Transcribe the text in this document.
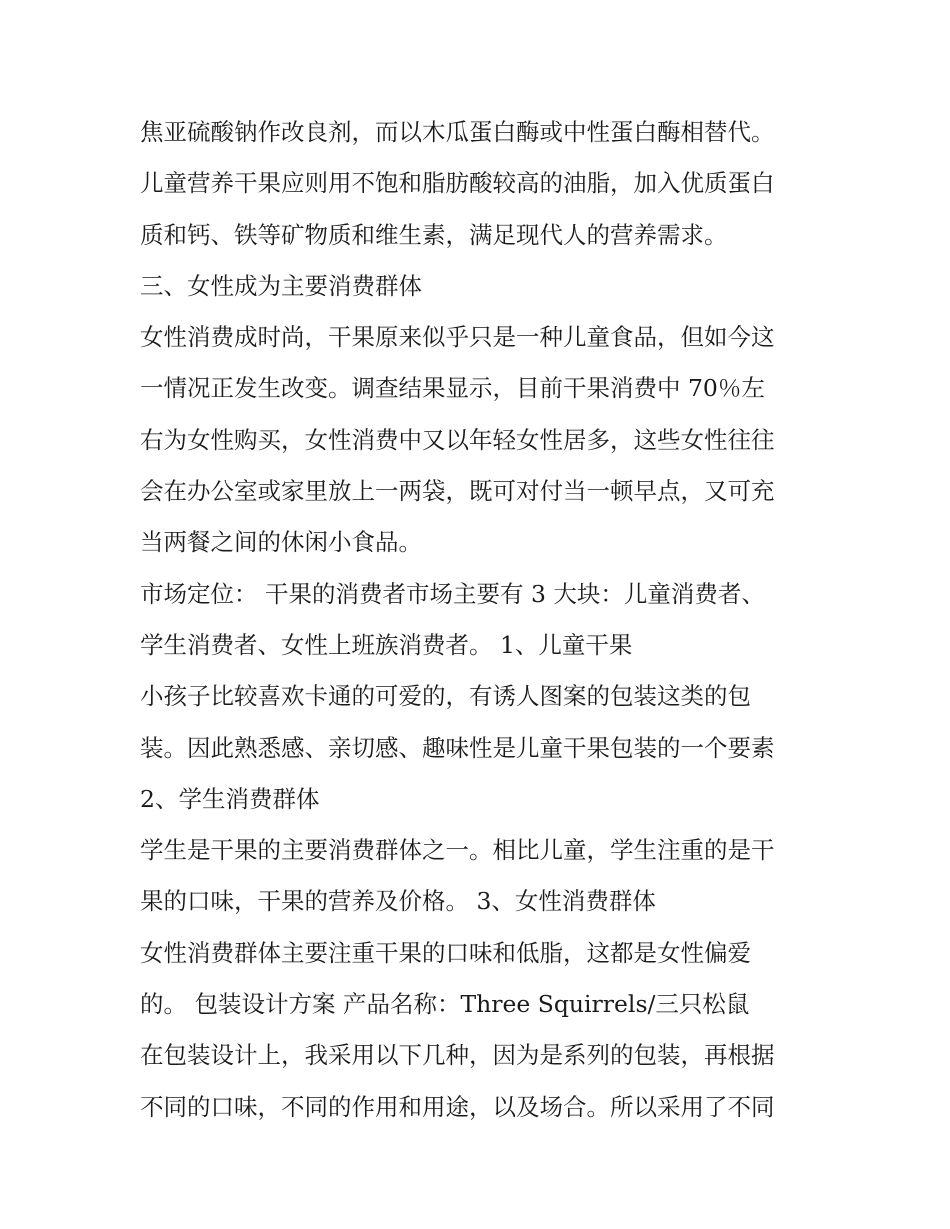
焦亚硫酸钠作改良剂，而以木瓜蛋白酶或中性蛋白酶相替代。

儿童营养干果应则用不饱和脂肪酸较高的油脂，加入优质蛋白

质和钙、铁等矿物质和维生素，满足现代人的营养需求。

三、女性成为主要消费群体

女性消费成时尚，干果原来似乎只是一种儿童食品，但如今这

一情况正发生改变。调查结果显示，目前干果消费中 70％左

右为女性购买，女性消费中又以年轻女性居多，这些女性往往

会在办公室或家里放上一两袋，既可对付当一顿早点，又可充

当两餐之间的休闲小食品。

市场定位： 干果的消费者市场主要有 3 大块：儿童消费者、

学生消费者、女性上班族消费者。 1、儿童干果

小孩子比较喜欢卡通的可爱的，有诱人图案的包装这类的包

装。因此熟悉感、亲切感、趣味性是儿童干果包装的一个要素

2、学生消费群体

学生是干果的主要消费群体之一。相比儿童，学生注重的是干

果的口味，干果的营养及价格。 3、女性消费群体

女性消费群体主要注重干果的口味和低脂，这都是女性偏爱

的。 包装设计方案 产品名称：Three Squirrels/三只松鼠

在包装设计上，我采用以下几种，因为是系列的包装，再根据

不同的口味，不同的作用和用途，以及场合。所以采用了不同
